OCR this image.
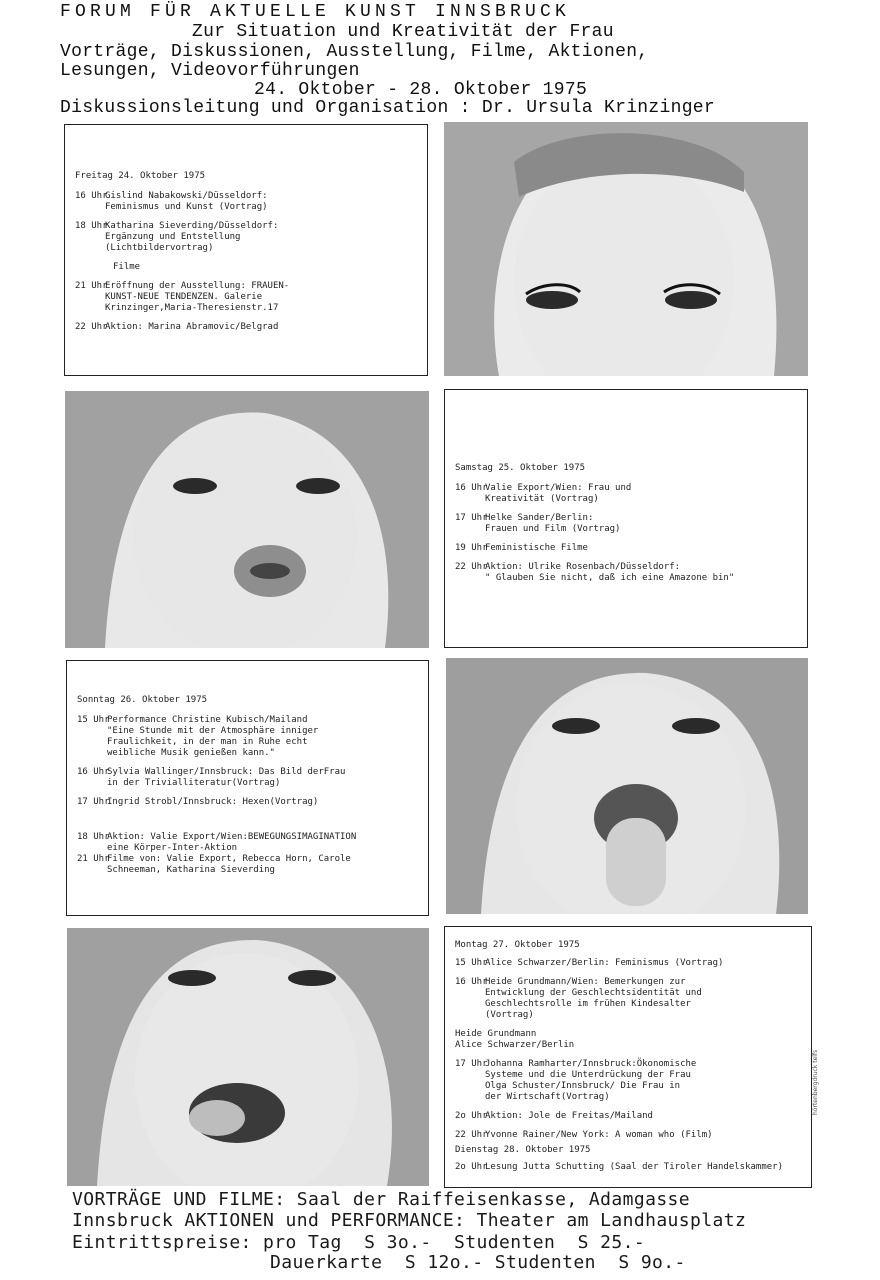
FORUM FÜR AKTUELLE KUNST INNSBRUCK
Zur Situation und Kreativität der Frau
Vorträge, Diskussionen, Ausstellung, Filme, Aktionen,
Lesungen, Videovorführungen
24. Oktober - 28. Oktober 1975
Diskussionsleitung und Organisation : Dr. Ursula Krinzinger
Freitag 24. Oktober 1975
16 Uhr
Gislind Nabakowski/Düsseldorf:
Feminismus und Kunst (Vortrag)
18 Uhr
Katharina Sieverding/Düsseldorf:
Ergänzung und Entstellung
(Lichtbildervortrag)
Filme
21 Uhr
Eröffnung der Ausstellung: FRAUEN-
KUNST-NEUE TENDENZEN. Galerie
Krinzinger,Maria-Theresienstr.17
22 Uhr
Aktion: Marina Abramovic/Belgrad
Samstag 25. Oktober 1975
16 Uhr
Valie Export/Wien: Frau und
Kreativität (Vortrag)
17 Uhr
Helke Sander/Berlin:
Frauen und Film (Vortrag)
19 Uhr
Feministische Filme
22 Uhr
Aktion: Ulrike Rosenbach/Düsseldorf:
" Glauben Sie nicht, daß ich eine Amazone bin"
Sonntag 26. Oktober 1975
15 Uhr
Performance Christine Kubisch/Mailand
"Eine Stunde mit der Atmosphäre inniger
Fraulichkeit, in der man in Ruhe echt
weibliche Musik genießen kann."
16 Uhr
Sylvia Wallinger/Innsbruck: Das Bild derFrau
in der Trivialliteratur(Vortrag)
17 Uhr
Ingrid Strobl/Innsbruck: Hexen(Vortrag)
18 Uhr
Aktion: Valie Export/Wien:BEWEGUNGSIMAGINATION
eine Körper-Inter-Aktion
21 Uhr
Filme von: Valie Export, Rebecca Horn, Carole
Schneeman, Katharina Sieverding
Montag 27. Oktober 1975
15 Uhr
Alice Schwarzer/Berlin: Feminismus (Vortrag)
16 Uhr
Heide Grundmann/Wien: Bemerkungen zur
Entwicklung der Geschlechtsidentität und
Geschlechtsrolle im frühen Kindesalter
(Vortrag)
Heide Grundmann
Alice Schwarzer/Berlin
17 Uhr
Johanna Ramharter/Innsbruck:Ökonomische
Systeme und die Unterdrückung der Frau
Olga Schuster/Innsbruck/ Die Frau in
der Wirtschaft(Vortrag)
2o Uhr
Aktion: Jole de Freitas/Mailand
22 Uhr
Yvonne Rainer/New York: A woman who (Film)
Dienstag 28. Oktober 1975
2o Uhr
Lesung Jutta Schutting (Saal der Tiroler Handelskammer)
hörtenbergdruck telfs
VORTRÄGE UND FILME: Saal der Raiffeisenkasse, Adamgasse
Innsbruck AKTIONEN und PERFORMANCE: Theater am Landhausplatz
Eintrittspreise: pro Tag  S 3o.-  Studenten  S 25.-
Dauerkarte  S 12o.- Studenten  S 9o.-
